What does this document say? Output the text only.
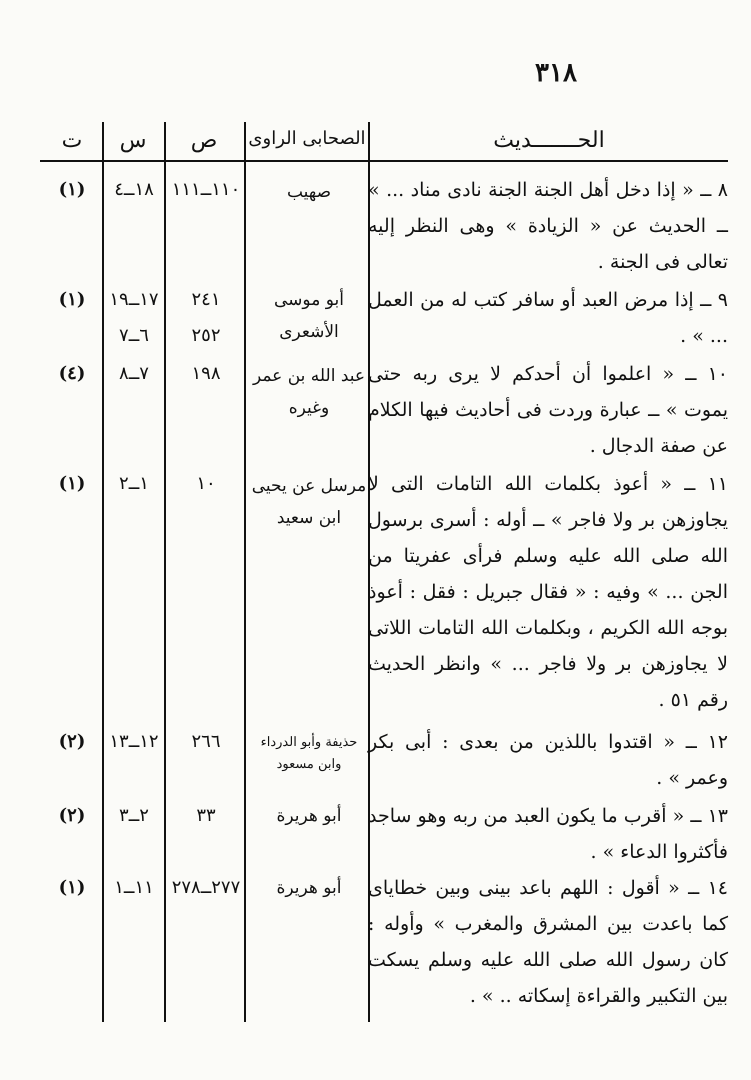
٣١٨
الحـــــــديث
الصحابى الراوى
ص
س
ت
٨ ــ « إذا دخل أهل الجنة الجنة نادى مناد ... » ــ الحديث عن « الزيادة » وهى النظر إليه تعالى فى الجنة .
صهيب
١١٠ــ١١١
١٨ــ٤
(١)
٩ ــ إذا مرض العبد أو سافر كتب له من العمل ... » .
أبو موسى الأشعرى
٢٤١
٢٥٢
١٧ــ١٩
٦ــ٧
(١)
١٠ ــ « اعلموا أن أحدكم لا يرى ربه حتى يموت » ــ عبارة وردت فى أحاديث فيها الكلام عن صفة الدجال .
عبد الله بن عمر وغيره
١٩٨
٧ــ٨
(٤)
١١ ــ « أعوذ بكلمات الله التامات التى لا يجاوزهن بر ولا فاجر » ــ أوله : أسرى برسول الله صلى الله عليه وسلم فرأى عفريتا من الجن ... » وفيه : « فقال جبريل : فقل : أعوذ بوجه الله الكريم ، وبكلمات الله التامات اللاتى لا يجاوزهن بر ولا فاجر ... » وانظر الحديث رقم ٥١ .
مرسل عن يحيى ابن سعيد
١٠
١ــ٢
(١)
١٢ ــ « اقتدوا باللذين من بعدى : أبى بكر وعمر » .
حذيفة وأبو الدرداء وابن مسعود
٢٦٦
١٢ــ١٣
(٢)
١٣ ــ « أقرب ما يكون العبد من ربه وهو ساجد فأكثروا الدعاء » .
أبو هريرة
٣٣
٢ــ٣
(٢)
١٤ ــ « أقول : اللهم باعد بينى وبين خطاياى كما باعدت بين المشرق والمغرب » وأوله : كان رسول الله صلى الله عليه وسلم يسكت بين التكبير والقراءة إسكاته .. » .
أبو هريرة
٢٧٧ــ٢٧٨
١١ــ١
(١)
